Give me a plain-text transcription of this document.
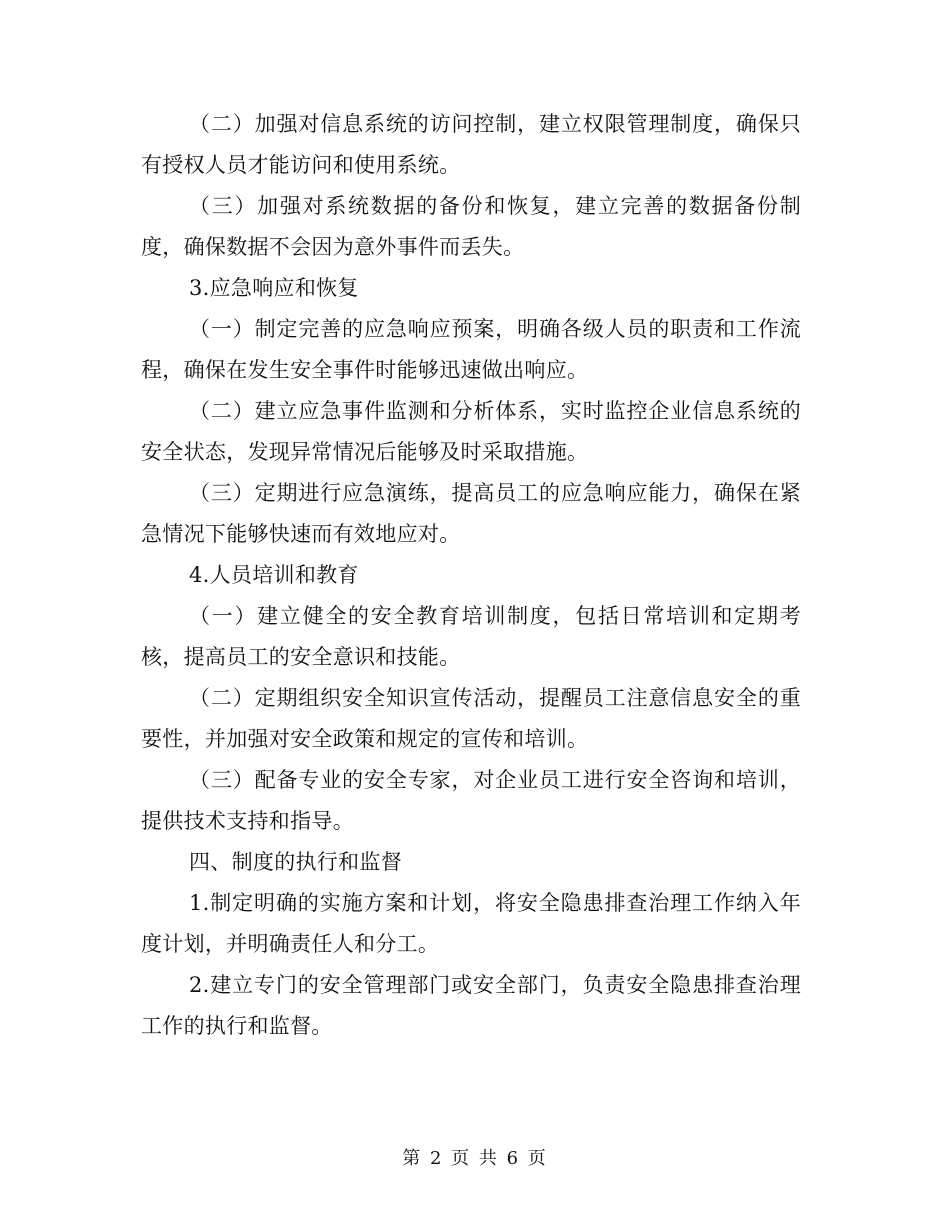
（二）加强对信息系统的访问控制，建立权限管理制度，确保只有授权人员才能访问和使用系统。

（三）加强对系统数据的备份和恢复，建立完善的数据备份制度，确保数据不会因为意外事件而丢失。

3.应急响应和恢复

（一）制定完善的应急响应预案，明确各级人员的职责和工作流程，确保在发生安全事件时能够迅速做出响应。

（二）建立应急事件监测和分析体系，实时监控企业信息系统的安全状态，发现异常情况后能够及时采取措施。

（三）定期进行应急演练，提高员工的应急响应能力，确保在紧急情况下能够快速而有效地应对。

4.人员培训和教育

（一）建立健全的安全教育培训制度，包括日常培训和定期考核，提高员工的安全意识和技能。

（二）定期组织安全知识宣传活动，提醒员工注意信息安全的重要性，并加强对安全政策和规定的宣传和培训。

（三）配备专业的安全专家，对企业员工进行安全咨询和培训，提供技术支持和指导。

四、制度的执行和监督

1.制定明确的实施方案和计划，将安全隐患排查治理工作纳入年度计划，并明确责任人和分工。

2.建立专门的安全管理部门或安全部门，负责安全隐患排查治理工作的执行和监督。

第 2 页 共 6 页
